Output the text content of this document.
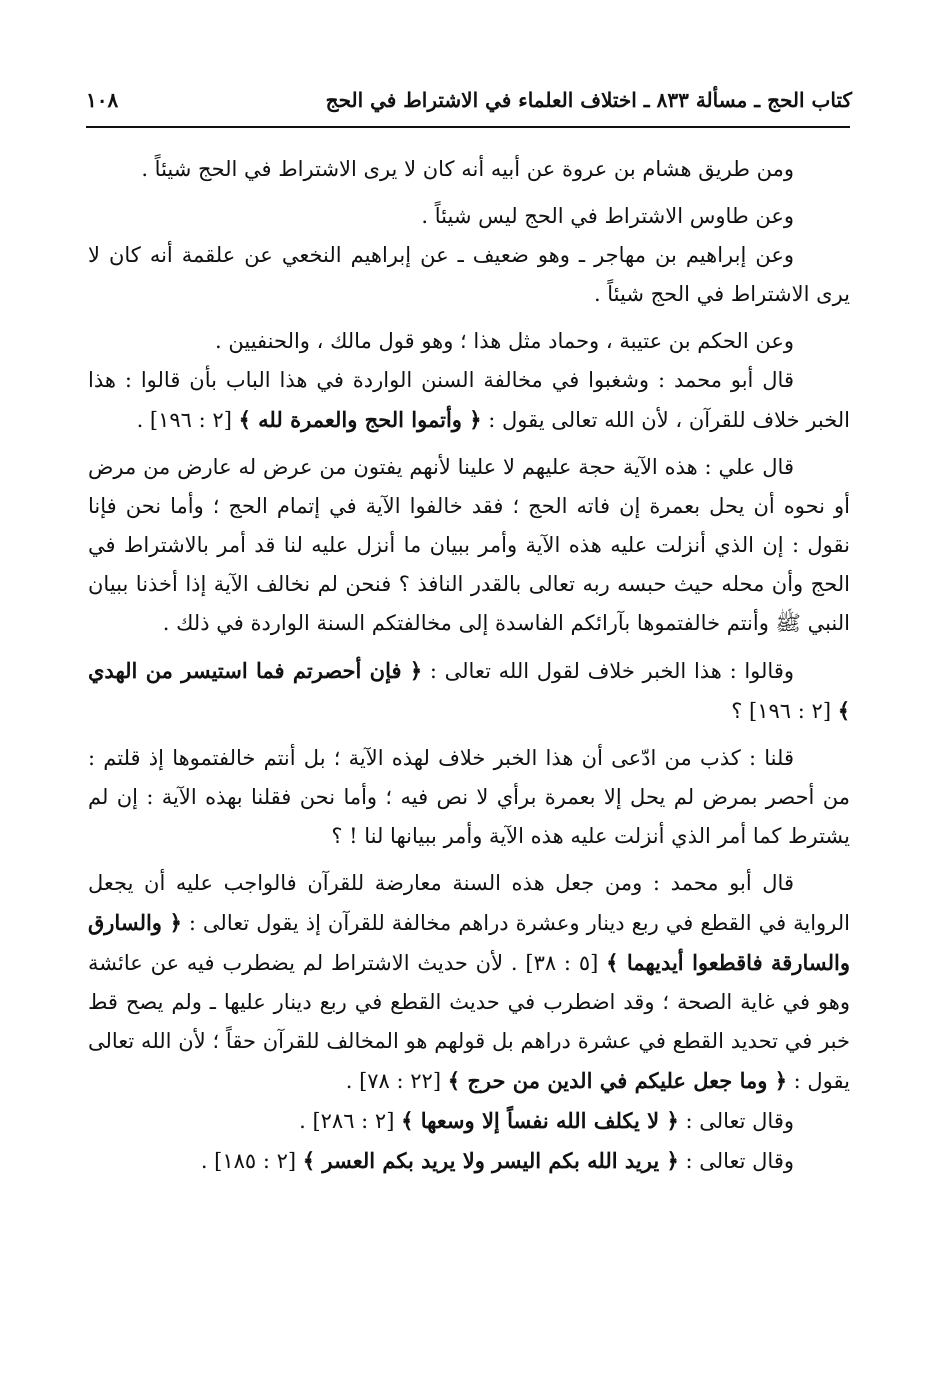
كتاب الحج ـ مسألة ٨٣٣ ـ اختلاف العلماء في الاشتراط في الحج
١٠٨

ومن طريق هشام بن عروة عن أبيه أنه كان لا يرى الاشتراط في الحج شيئاً .

وعن طاوس الاشتراط في الحج ليس شيئاً .

وعن إبراهيم بن مهاجر ـ وهو ضعيف ـ عن إبراهيم النخعي عن علقمة أنه كان لا يرى الاشتراط في الحج شيئاً .

وعن الحكم بن عتيبة ، وحماد مثل هذا ؛ وهو قول مالك ، والحنفيين .

قال أبو محمد : وشغبوا في مخالفة السنن الواردة في هذا الباب بأن قالوا : هذا الخبر خلاف للقرآن ، لأن الله تعالى يقول : ﴿ وأتموا الحج والعمرة لله ﴾ [٢ : ١٩٦] .

قال علي : هذه الآية حجة عليهم لا علينا لأنهم يفتون من عرض له عارض من مرض أو نحوه أن يحل بعمرة إن فاته الحج ؛ فقد خالفوا الآية في إتمام الحج ؛ وأما نحن فإنا نقول : إن الذي أنزلت عليه هذه الآية وأمر ببيان ما أنزل عليه لنا قد أمر بالاشتراط في الحج وأن محله حيث حبسه ربه تعالى بالقدر النافذ ؟ فنحن لم نخالف الآية إذا أخذنا ببيان النبي ﷺ وأنتم خالفتموها بآرائكم الفاسدة إلى مخالفتكم السنة الواردة في ذلك .

وقالوا : هذا الخبر خلاف لقول الله تعالى : ﴿ فإن أحصرتم فما استيسر من الهدي ﴾ [٢ : ١٩٦] ؟

قلنا : كذب من ادّعى أن هذا الخبر خلاف لهذه الآية ؛ بل أنتم خالفتموها إذ قلتم : من أحصر بمرض لم يحل إلا بعمرة برأي لا نص فيه ؛ وأما نحن فقلنا بهذه الآية : إن لم يشترط كما أمر الذي أنزلت عليه هذه الآية وأمر ببيانها لنا ! ؟

قال أبو محمد : ومن جعل هذه السنة معارضة للقرآن فالواجب عليه أن يجعل الرواية في القطع في ربع دينار وعشرة دراهم مخالفة للقرآن إذ يقول تعالى : ﴿ والسارق والسارقة فاقطعوا أيديهما ﴾ [٥ : ٣٨] . لأن حديث الاشتراط لم يضطرب فيه عن عائشة وهو في غاية الصحة ؛ وقد اضطرب في حديث القطع في ربع دينار عليها ـ ولم يصح قط خبر في تحديد القطع في عشرة دراهم بل قولهم هو المخالف للقرآن حقاً ؛ لأن الله تعالى يقول : ﴿ وما جعل عليكم في الدين من حرج ﴾ [٢٢ : ٧٨] .

وقال تعالى : ﴿ لا يكلف الله نفساً إلا وسعها ﴾ [٢ : ٢٨٦] .

وقال تعالى : ﴿ يريد الله بكم اليسر ولا يريد بكم العسر ﴾ [٢ : ١٨٥] .
